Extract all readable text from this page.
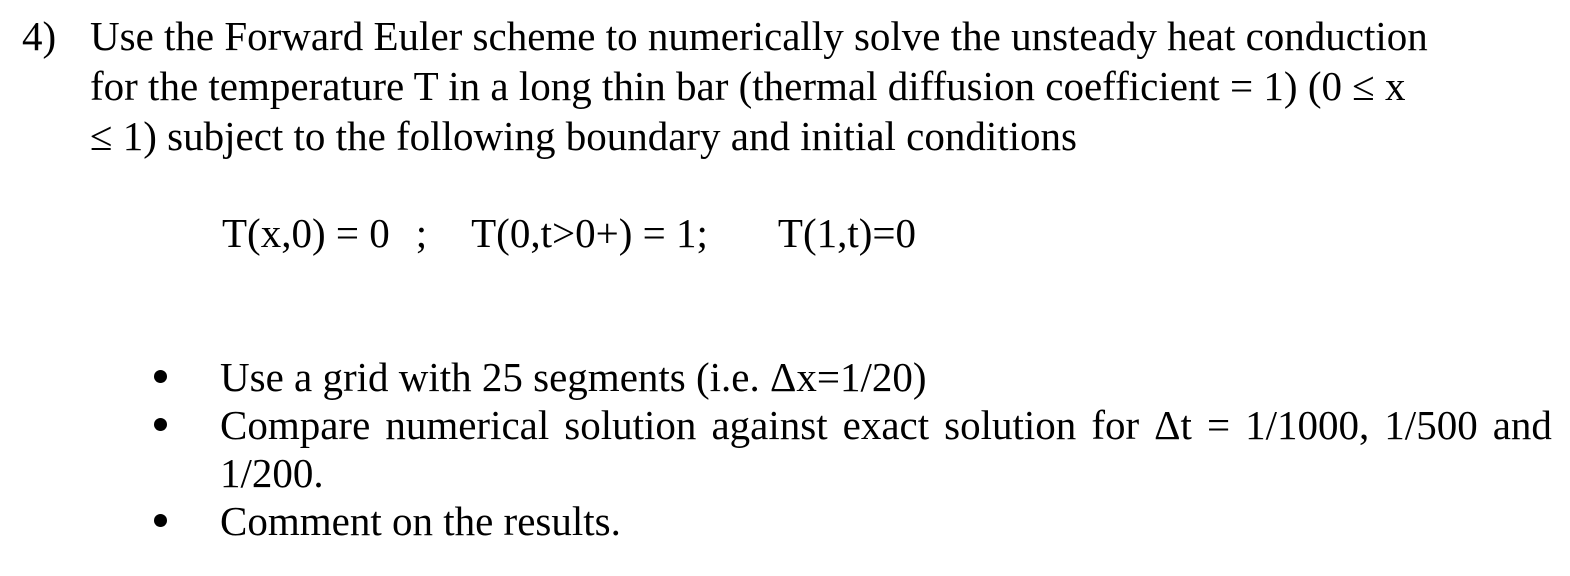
4) Use the Forward Euler scheme to numerically solve the unsteady heat conduction
for the temperature T in a long thin bar (thermal diffusion coefficient = 1) (0 ≤ x
≤ 1) subject to the following boundary and initial conditions
T(x,0) = 0 ; T(0,t>0+) = 1; T(1,t)=0
Use a grid with 25 segments (i.e. Δx=1/20)
Compare numerical solution against exact solution for Δt = 1/1000, 1/500 and
1/200.
Comment on the results.
